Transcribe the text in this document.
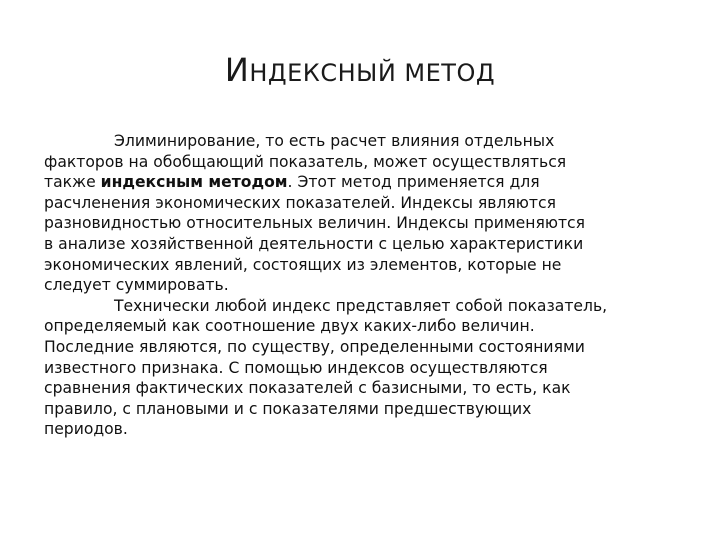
ИНДЕКСНЫЙ МЕТОД

Элиминирование, то есть расчет влияния отдельных
факторов на обобщающий показатель, может осуществляться
также индексным методом. Этот метод применяется для
расчленения экономических показателей. Индексы являются
разновидностью относительных величин. Индексы применяются
в анализе хозяйственной деятельности с целью характеристики
экономических явлений, состоящих из элементов, которые не
следует суммировать.

Технически любой индекс представляет собой показатель,
определяемый как соотношение двух каких-либо величин.
Последние являются, по существу, определенными состояниями
известного признака. С помощью индексов осуществляются
сравнения фактических показателей с базисными, то есть, как
правило, с плановыми и с показателями предшествующих
периодов.
